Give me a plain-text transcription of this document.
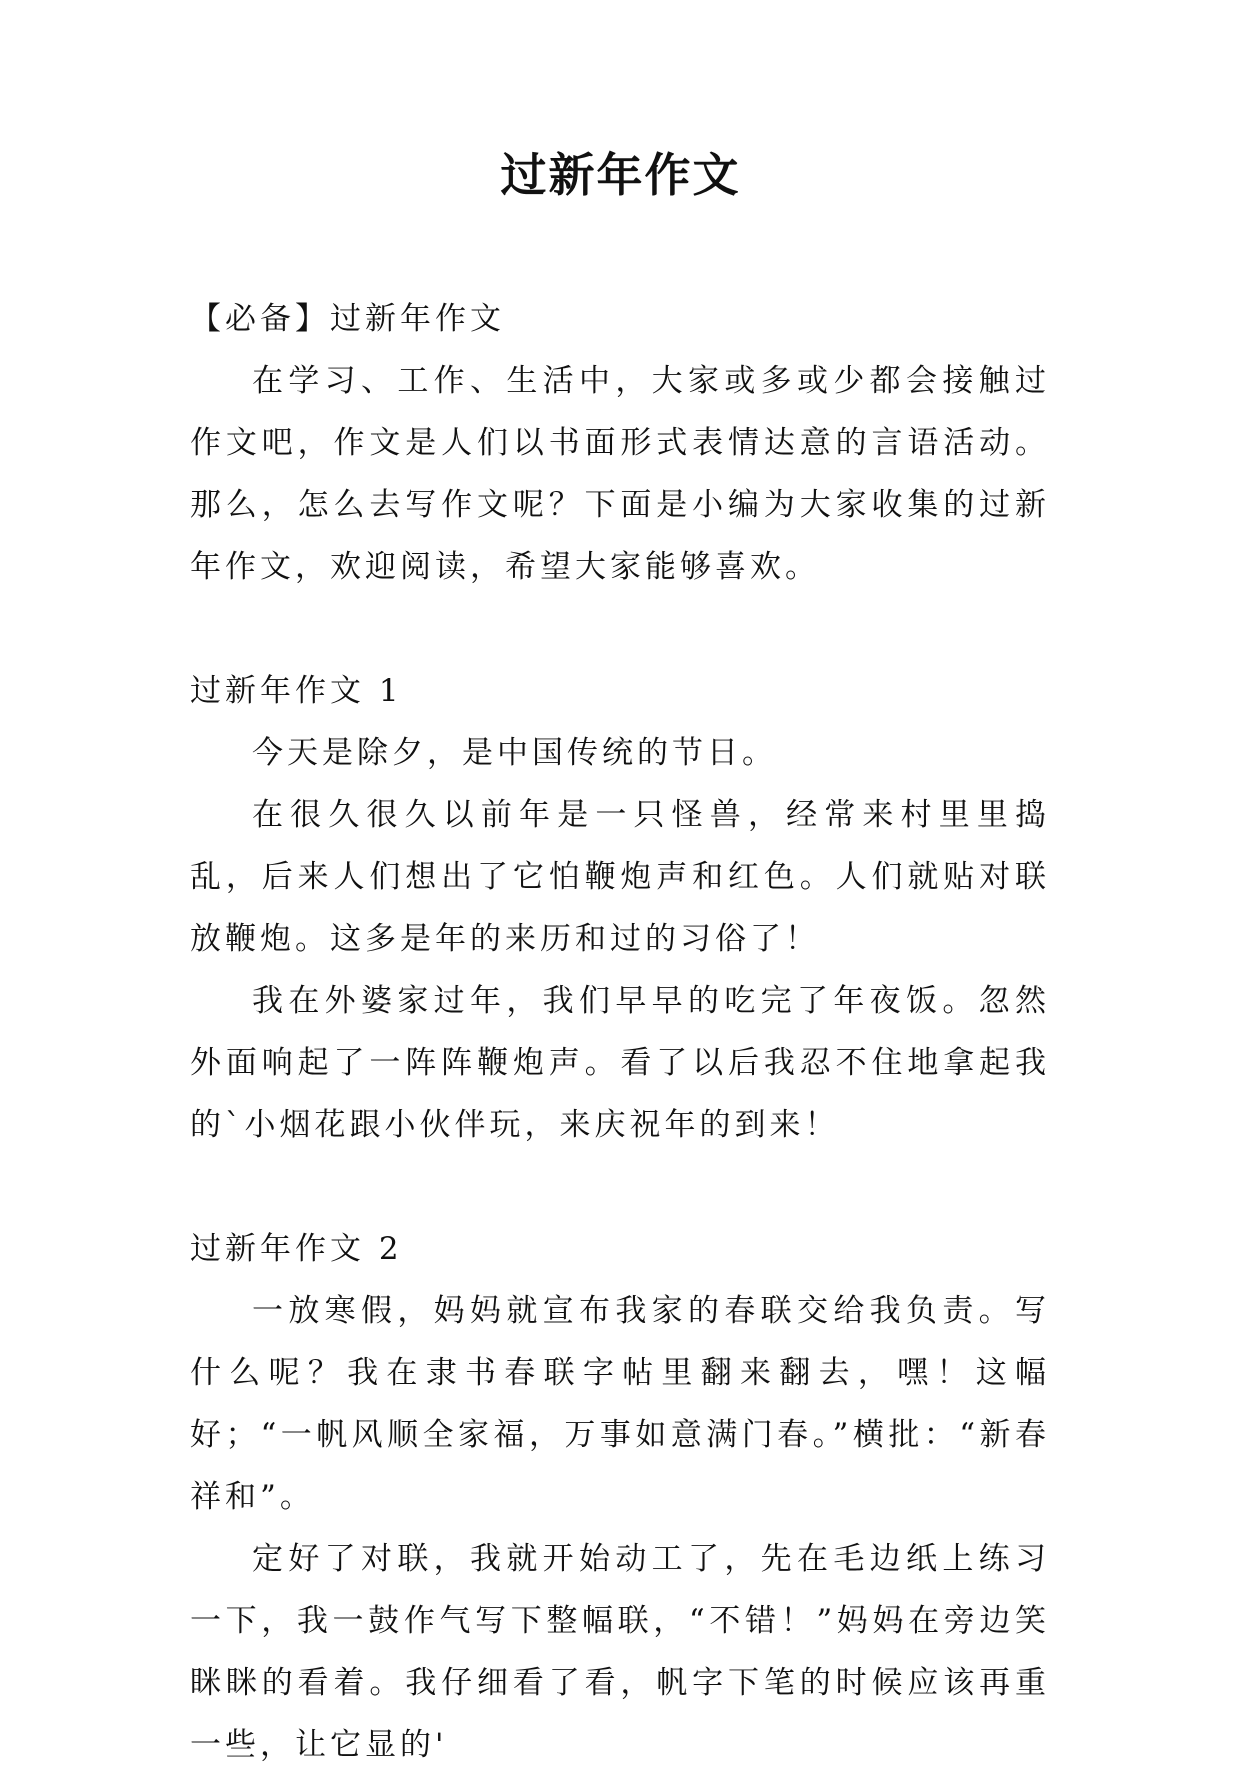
过新年作文

【必备】过新年作文

在学习、工作、生活中，大家或多或少都会接触过作文吧，作文是人们以书面形式表情达意的言语活动。那么，怎么去写作文呢？下面是小编为大家收集的过新年作文，欢迎阅读，希望大家能够喜欢。

过新年作文 1

今天是除夕，是中国传统的节日。

在很久很久以前年是一只怪兽，经常来村里里捣乱，后来人们想出了它怕鞭炮声和红色。人们就贴对联放鞭炮。这多是年的来历和过的习俗了！

我在外婆家过年，我们早早的吃完了年夜饭。忽然外面响起了一阵阵鞭炮声。看了以后我忍不住地拿起我的`小烟花跟小伙伴玩，来庆祝年的到来！

过新年作文 2

一放寒假，妈妈就宣布我家的春联交给我负责。写什么呢？我在隶书春联字帖里翻来翻去，嘿！这幅好；“一帆风顺全家福，万事如意满门春。”横批：“新春祥和”。

定好了对联，我就开始动工了，先在毛边纸上练习一下，我一鼓作气写下整幅联，“不错！”妈妈在旁边笑眯眯的看着。我仔细看了看，帆字下笔的时候应该再重一些，让它显的'
